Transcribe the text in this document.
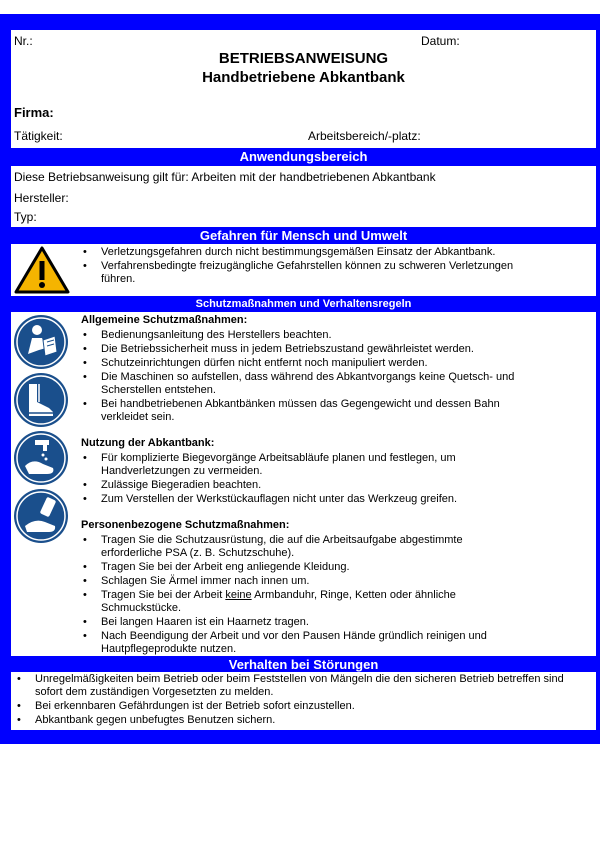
Nr.:	Datum:
BETRIEBSANWEISUNG
Handbetriebene Abkantbank
Firma:
Tätigkeit:	Arbeitsbereich/-platz:
Anwendungsbereich
Diese Betriebsanweisung gilt für: Arbeiten mit der handbetriebenen Abkantbank
Hersteller:
Typ:
Gefahren für Mensch und Umwelt
• Verletzungsgefahren durch nicht bestimmungsgemäßen Einsatz der Abkantbank.
• Verfahrensbedingte freizugängliche Gefahrstellen können zu schweren Verletzungen führen.
Schutzmaßnahmen und Verhaltensregeln
Allgemeine Schutzmaßnahmen:
• Bedienungsanleitung des Herstellers beachten.
• Die Betriebssicherheit muss in jedem Betriebszustand gewährleistet werden.
• Schutzeinrichtungen dürfen nicht entfernt noch manipuliert werden.
• Die Maschinen so aufstellen, dass während des Abkantvorgangs keine Quetsch- und Scherstellen entstehen.
• Bei handbetriebenen Abkantbänken müssen das Gegengewicht und dessen Bahn verkleidet sein.
Nutzung der Abkantbank:
• Für komplizierte Biegevorgänge Arbeitsabläufe planen und festlegen, um Handverletzungen zu vermeiden.
• Zulässige Biegeradien beachten.
• Zum Verstellen der Werkstückauflagen nicht unter das Werkzeug greifen.
Personenbezogene Schutzmaßnahmen:
• Tragen Sie die Schutzausrüstung, die auf die Arbeitsaufgabe abgestimmte erforderliche PSA (z. B. Schutzschuhe).
• Tragen Sie bei der Arbeit eng anliegende Kleidung.
• Schlagen Sie Ärmel immer nach innen um.
• Tragen Sie bei der Arbeit keine Armbanduhr, Ringe, Ketten oder ähnliche Schmuckstücke.
• Bei langen Haaren ist ein Haarnetz tragen.
• Nach Beendigung der Arbeit und vor den Pausen Hände gründlich reinigen und Hautpflegeprodukte nutzen.
Verhalten bei Störungen
• Unregelmäßigkeiten beim Betrieb oder beim Feststellen von Mängeln die den sicheren Betrieb betreffen sind sofort dem zuständigen Vorgesetzten zu melden.
• Bei erkennbaren Gefährdungen ist der Betrieb sofort einzustellen.
• Abkantbank gegen unbefugtes Benutzen sichern.
